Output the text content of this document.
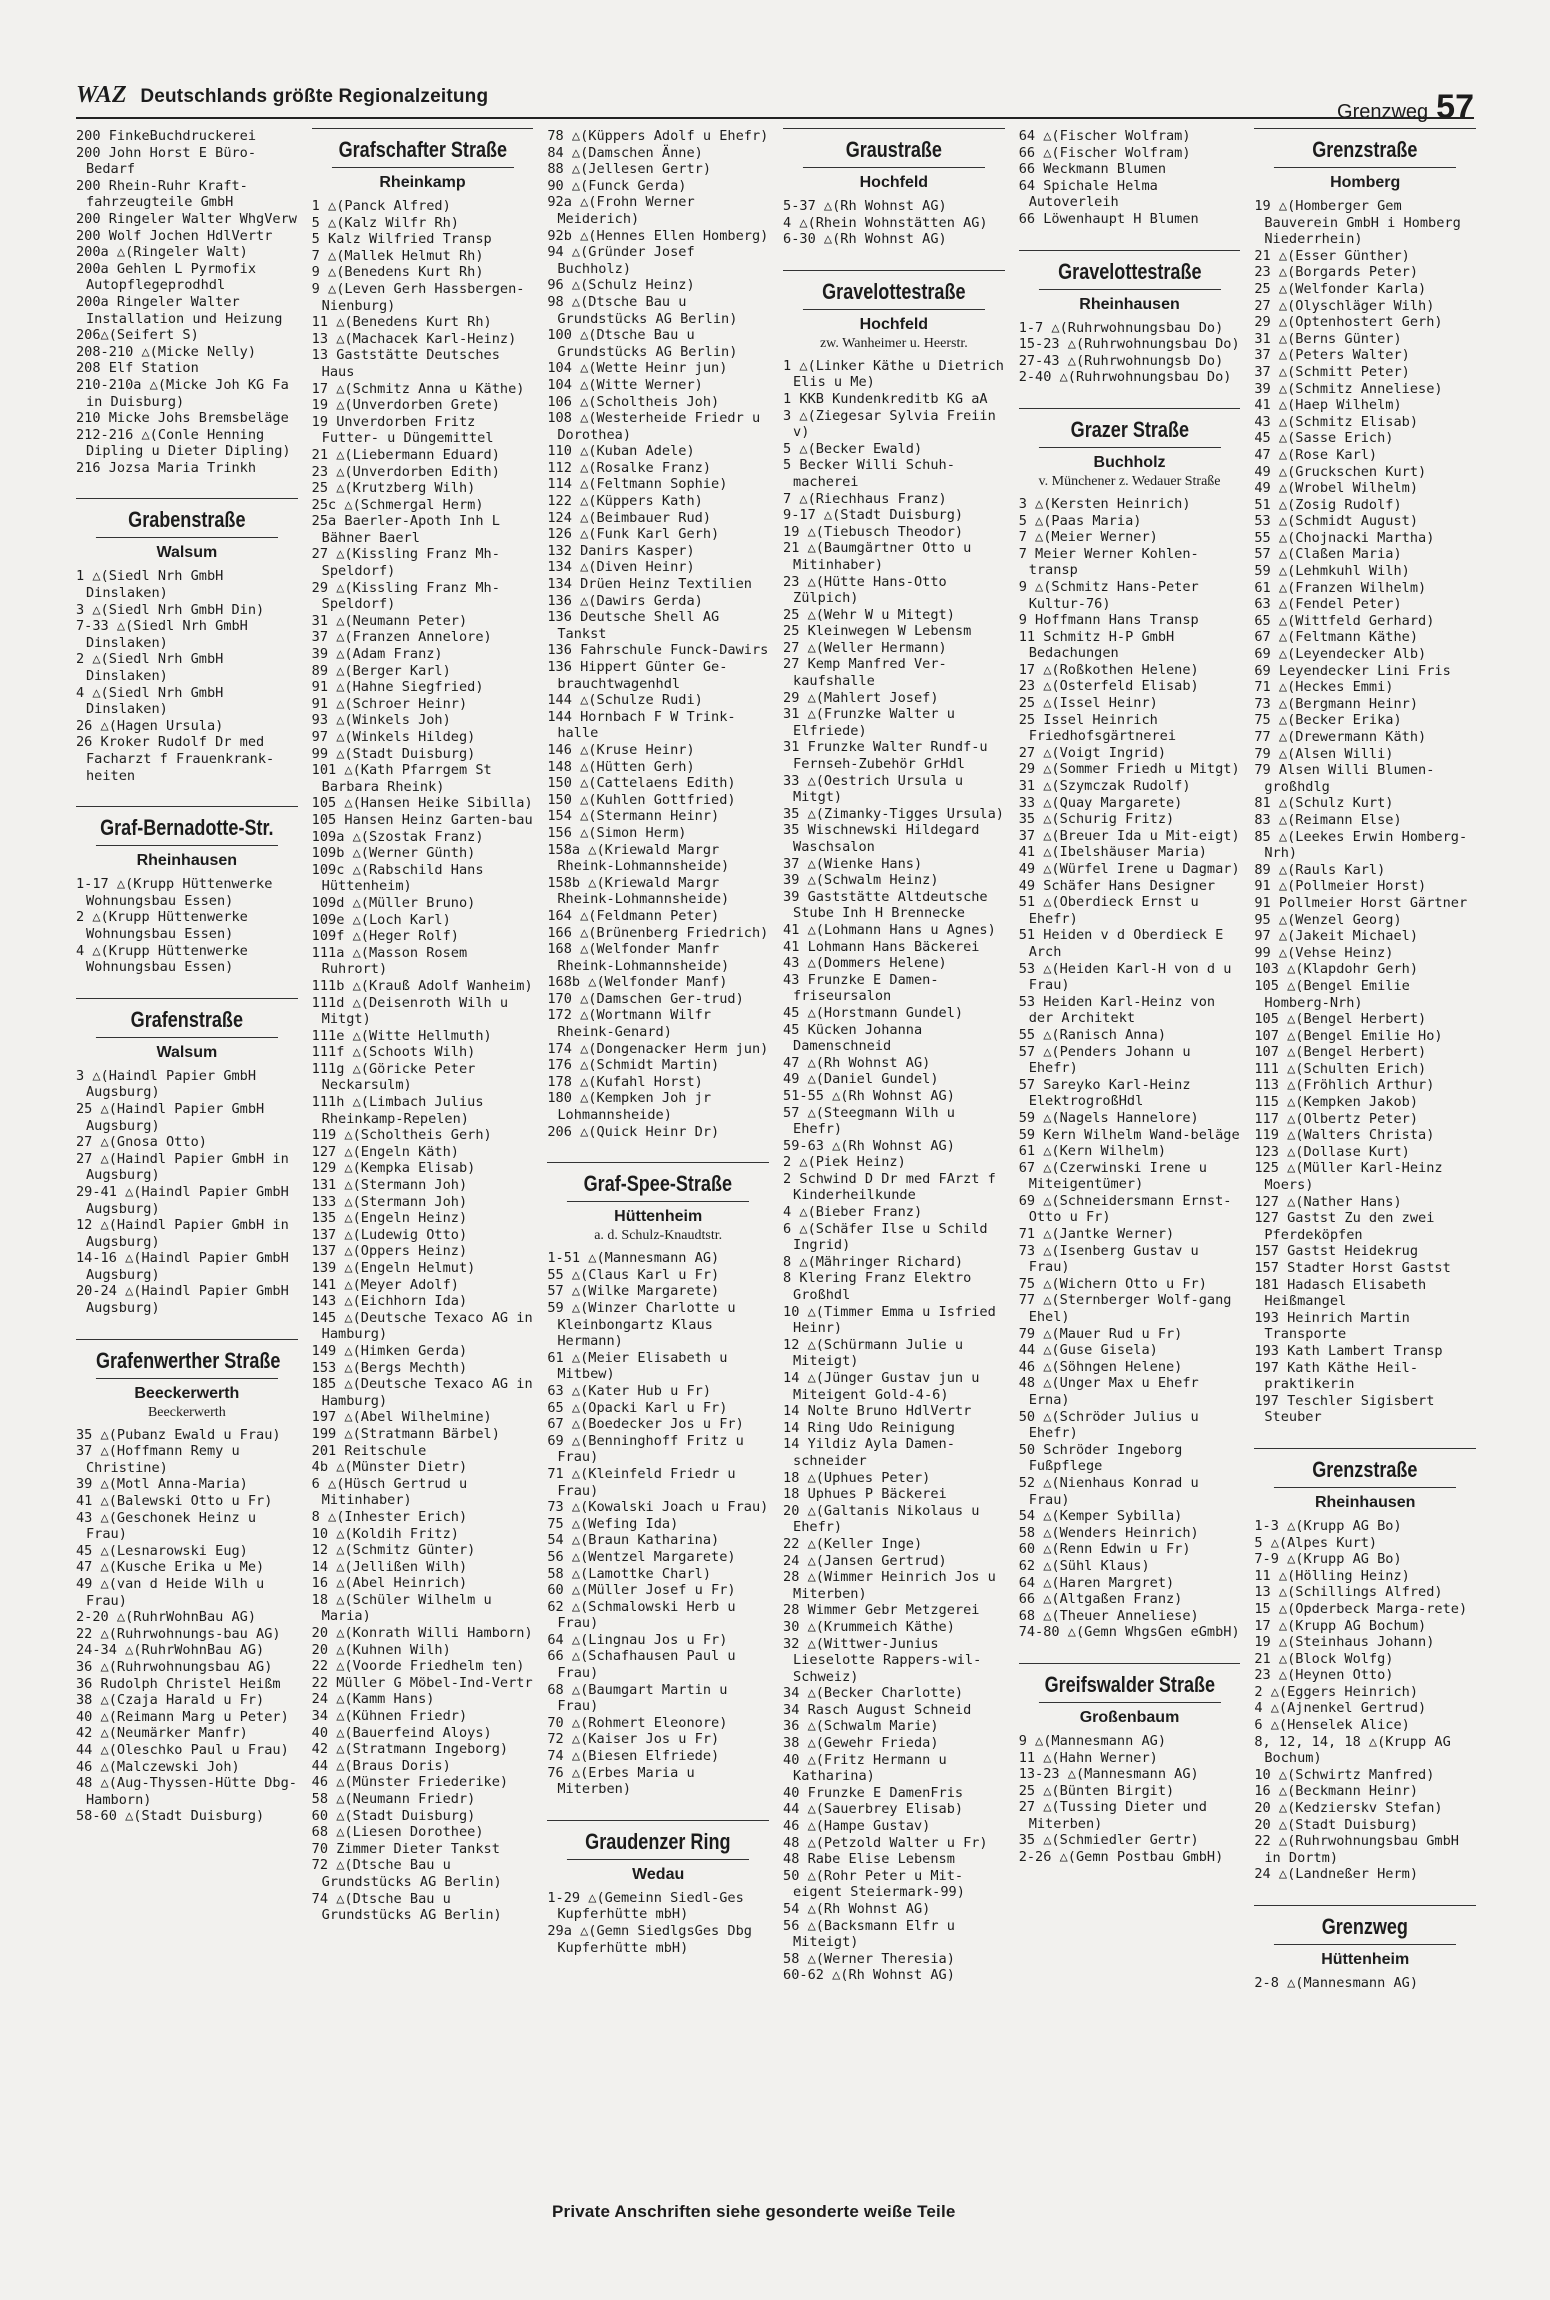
WAZ Deutschlands größte Regionalzeitung
Grenzweg 57
200 FinkeBuchdruckerei
200 John Horst E Büro-Bedarf
200 Rhein-Ruhr Kraft-fahrzeugteile GmbH
200 Ringeler Walter WhgVerw
200 Wolf Jochen HdlVertr
200a △(Ringeler Walt)
200a Gehlen L Pyrmofix Autopflegeprodhdl
200a Ringeler Walter Installation und Heizung
206△(Seifert S)
208-210 △(Micke Nelly)
208 Elf Station
210-210a △(Micke Joh KG Fa in Duisburg)
210 Micke Johs Bremsbeläge
212-216 △(Conle Henning Dipling u Dieter Dipling)
216 Jozsa Maria Trinkh
Grabenstraße
Walsum
1 △(Siedl Nrh GmbH Dinslaken)
3 △(Siedl Nrh GmbH Din)
7-33 △(Siedl Nrh GmbH Dinslaken)
2 △(Siedl Nrh GmbH Dinslaken)
4 △(Siedl Nrh GmbH Dinslaken)
26 △(Hagen Ursula)
26 Kroker Rudolf Dr med Facharzt f Frauenkrank-heiten
Graf-Bernadotte-Str.
Rheinhausen
1-17 △(Krupp Hüttenwerke Wohnungsbau Essen)
2 △(Krupp Hüttenwerke Wohnungsbau Essen)
4 △(Krupp Hüttenwerke Wohnungsbau Essen)
Grafenstraße
Walsum
3 △(Haindl Papier GmbH Augsburg)
25 △(Haindl Papier GmbH Augsburg)
27 △(Gnosa Otto)
27 △(Haindl Papier GmbH in Augsburg)
29-41 △(Haindl Papier GmbH Augsburg)
12 △(Haindl Papier GmbH in Augsburg)
14-16 △(Haindl Papier GmbH Augsburg)
20-24 △(Haindl Papier GmbH Augsburg)
Grafenwerther Straße
Beeckerwerth
Beeckerwerth
35 △(Pubanz Ewald u Frau)
37 △(Hoffmann Remy u Christine)
39 △(Motl Anna-Maria)
41 △(Balewski Otto u Fr)
43 △(Geschonek Heinz u Frau)
45 △(Lesnarowski Eug)
47 △(Kusche Erika u Me)
49 △(van d Heide Wilh u Frau)
2-20 △(RuhrWohnBau AG)
22 △(Ruhrwohnungs-bau AG)
24-34 △(RuhrWohnBau AG)
36 △(Ruhrwohnungsbau AG)
36 Rudolph Christel Heißm
38 △(Czaja Harald u Fr)
40 △(Reimann Marg u Peter)
42 △(Neumärker Manfr)
44 △(Oleschko Paul u Frau)
46 △(Malczewski Joh)
48 △(Aug-Thyssen-Hütte Dbg-Hamborn)
58-60 △(Stadt Duisburg)
Grafschafter Straße
Rheinkamp
1 △(Panck Alfred)
5 △(Kalz Wilfr Rh)
5 Kalz Wilfried Transp
7 △(Mallek Helmut Rh)
9 △(Benedens Kurt Rh)
9 △(Leven Gerh Hassbergen-Nienburg)
11 △(Benedens Kurt Rh)
13 △(Machacek Karl-Heinz)
13 Gaststätte Deutsches Haus
17 △(Schmitz Anna u Käthe)
19 △(Unverdorben Grete)
19 Unverdorben Fritz Futter- u Düngemittel
21 △(Liebermann Eduard)
23 △(Unverdorben Edith)
25 △(Krutzberg Wilh)
25c △(Schmergal Herm)
25a Baerler-Apoth Inh L Bähner Baerl
27 △(Kissling Franz Mh-Speldorf)
29 △(Kissling Franz Mh-Speldorf)
31 △(Neumann Peter)
37 △(Franzen Annelore)
39 △(Adam Franz)
89 △(Berger Karl)
91 △(Hahne Siegfried)
91 △(Schroer Heinr)
93 △(Winkels Joh)
97 △(Winkels Hildeg)
99 △(Stadt Duisburg)
101 △(Kath Pfarrgem St Barbara Rheink)
105 △(Hansen Heike Sibilla)
105 Hansen Heinz Garten-bau
109a △(Szostak Franz)
109b △(Werner Günth)
109c △(Rabschild Hans Hüttenheim)
109d △(Müller Bruno)
109e △(Loch Karl)
109f △(Heger Rolf)
111a △(Masson Rosem Ruhrort)
111b △(Krauß Adolf Wanheim)
111d △(Deisenroth Wilh u Mitgt)
111e △(Witte Hellmuth)
111f △(Schoots Wilh)
111g △(Göricke Peter Neckarsulm)
111h △(Limbach Julius Rheinkamp-Repelen)
119 △(Scholtheis Gerh)
127 △(Engeln Käth)
129 △(Kempka Elisab)
131 △(Stermann Joh)
133 △(Stermann Joh)
135 △(Engeln Heinz)
137 △(Ludewig Otto)
137 △(Oppers Heinz)
139 △(Engeln Helmut)
141 △(Meyer Adolf)
143 △(Eichhorn Ida)
145 △(Deutsche Texaco AG in Hamburg)
149 △(Himken Gerda)
153 △(Bergs Mechth)
185 △(Deutsche Texaco AG in Hamburg)
197 △(Abel Wilhelmine)
199 △(Stratmann Bärbel)
201 Reitschule
4b △(Münster Dietr)
6 △(Hüsch Gertrud u Mitinhaber)
8 △(Inhester Erich)
10 △(Koldih Fritz)
12 △(Schmitz Günter)
14 △(Jellißen Wilh)
16 △(Abel Heinrich)
18 △(Schüler Wilhelm u Maria)
20 △(Konrath Willi Hamborn)
20 △(Kuhnen Wilh)
22 △(Voorde Friedhelm ten)
22 Müller G Möbel-Ind-Vertr
24 △(Kamm Hans)
34 △(Kühnen Friedr)
40 △(Bauerfeind Aloys)
42 △(Stratmann Ingeborg)
44 △(Braus Doris)
46 △(Münster Friederike)
58 △(Neumann Friedr)
60 △(Stadt Duisburg)
68 △(Liesen Dorothee)
70 Zimmer Dieter Tankst
72 △(Dtsche Bau u Grundstücks AG Berlin)
74 △(Dtsche Bau u Grundstücks AG Berlin)
78 △(Küppers Adolf u Ehefr)
84 △(Damschen Änne)
88 △(Jellesen Gertr)
90 △(Funck Gerda)
92a △(Frohn Werner Meiderich)
92b △(Hennes Ellen Homberg)
94 △(Gründer Josef Buchholz)
96 △(Schulz Heinz)
98 △(Dtsche Bau u Grundstücks AG Berlin)
100 △(Dtsche Bau u Grundstücks AG Berlin)
104 △(Wette Heinr jun)
104 △(Witte Werner)
106 △(Scholtheis Joh)
108 △(Westerheide Friedr u Dorothea)
110 △(Kuban Adele)
112 △(Rosalke Franz)
114 △(Feltmann Sophie)
122 △(Küppers Kath)
124 △(Beimbauer Rud)
126 △(Funk Karl Gerh)
132 Danirs Kasper)
134 △(Diven Heinr)
134 Drüen Heinz Textilien
136 △(Dawirs Gerda)
136 Deutsche Shell AG Tankst
136 Fahrschule Funck-Dawirs
136 Hippert Günter Ge-brauchtwagenhdl
144 △(Schulze Rudi)
144 Hornbach F W Trink-halle
146 △(Kruse Heinr)
148 △(Hütten Gerh)
150 △(Cattelaens Edith)
150 △(Kuhlen Gottfried)
154 △(Stermann Heinr)
156 △(Simon Herm)
158a △(Kriewald Margr Rheink-Lohmannsheide)
158b △(Kriewald Margr Rheink-Lohmannsheide)
164 △(Feldmann Peter)
166 △(Brünenberg Friedrich)
168 △(Welfonder Manfr Rheink-Lohmannsheide)
168b △(Welfonder Manf)
170 △(Damschen Ger-trud)
172 △(Wortmann Wilfr Rheink-Genard)
174 △(Dongenacker Herm jun)
176 △(Schmidt Martin)
178 △(Kufahl Horst)
180 △(Kempken Joh jr Lohmannsheide)
206 △(Quick Heinr Dr)
Graf-Spee-Straße
Hüttenheim
a. d. Schulz-Knaudtstr.
1-51 △(Mannesmann AG)
55 △(Claus Karl u Fr)
57 △(Wilke Margarete)
59 △(Winzer Charlotte u Kleinbongartz Klaus Hermann)
61 △(Meier Elisabeth u Mitbew)
63 △(Kater Hub u Fr)
65 △(Opacki Karl u Fr)
67 △(Boedecker Jos u Fr)
69 △(Benninghoff Fritz u Frau)
71 △(Kleinfeld Friedr u Frau)
73 △(Kowalski Joach u Frau)
75 △(Wefing Ida)
54 △(Braun Katharina)
56 △(Wentzel Margarete)
58 △(Lamottke Charl)
60 △(Müller Josef u Fr)
62 △(Schmalowski Herb u Frau)
64 △(Lingnau Jos u Fr)
66 △(Schafhausen Paul u Frau)
68 △(Baumgart Martin u Frau)
70 △(Rohmert Eleonore)
72 △(Kaiser Jos u Fr)
74 △(Biesen Elfriede)
76 △(Erbes Maria u Miterben)
Graudenzer Ring
Wedau
1-29 △(Gemeinn Siedl-Ges Kupferhütte mbH)
29a △(Gemn SiedlgsGes Dbg Kupferhütte mbH)
Graustraße
Hochfeld
5-37 △(Rh Wohnst AG)
4 △(Rhein Wohnstätten AG)
6-30 △(Rh Wohnst AG)
Gravelottestraße
Hochfeld
zw. Wanheimer u. Heerstr.
1 △(Linker Käthe u Dietrich Elis u Me)
1 KKB Kundenkreditb KG aA
3 △(Ziegesar Sylvia Freiin v)
5 △(Becker Ewald)
5 Becker Willi Schuh-macherei
7 △(Riechhaus Franz)
9-17 △(Stadt Duisburg)
19 △(Tiebusch Theodor)
21 △(Baumgärtner Otto u Mitinhaber)
23 △(Hütte Hans-Otto Zülpich)
25 △(Wehr W u Mitegt)
25 Kleinwegen W Lebensm
27 △(Weller Hermann)
27 Kemp Manfred Ver-kaufshalle
29 △(Mahlert Josef)
31 △(Frunzke Walter u Elfriede)
31 Frunzke Walter Rundf-u Fernseh-Zubehör GrHdl
33 △(Oestrich Ursula u Mitgt)
35 △(Zimanky-Tigges Ursula)
35 Wischnewski Hildegard Waschsalon
37 △(Wienke Hans)
39 △(Schwalm Heinz)
39 Gaststätte Altdeutsche Stube Inh H Brennecke
41 △(Lohmann Hans u Agnes)
41 Lohmann Hans Bäckerei
43 △(Dommers Helene)
43 Frunzke E Damen-friseursalon
45 △(Horstmann Gundel)
45 Kücken Johanna Damenschneid
47 △(Rh Wohnst AG)
49 △(Daniel Gundel)
51-55 △(Rh Wohnst AG)
57 △(Steegmann Wilh u Ehefr)
59-63 △(Rh Wohnst AG)
2 △(Piek Heinz)
2 Schwind D Dr med FArzt f Kinderheilkunde
4 △(Bieber Franz)
6 △(Schäfer Ilse u Schild Ingrid)
8 △(Mähringer Richard)
8 Klering Franz Elektro Großhdl
10 △(Timmer Emma u Isfried Heinr)
12 △(Schürmann Julie u Miteigt)
14 △(Jünger Gustav jun u Miteigent Gold-4-6)
14 Nolte Bruno HdlVertr
14 Ring Udo Reinigung
14 Yildiz Ayla Damen-schneider
18 △(Uphues Peter)
18 Uphues P Bäckerei
20 △(Galtanis Nikolaus u Ehefr)
22 △(Keller Inge)
24 △(Jansen Gertrud)
28 △(Wimmer Heinrich Jos u Miterben)
28 Wimmer Gebr Metzgerei
30 △(Krummeich Käthe)
32 △(Wittwer-Junius Lieselotte Rappers-wil-Schweiz)
34 △(Becker Charlotte)
34 Rasch August Schneid
36 △(Schwalm Marie)
38 △(Gewehr Frieda)
40 △(Fritz Hermann u Katharina)
40 Frunzke E DamenFris
44 △(Sauerbrey Elisab)
46 △(Hampe Gustav)
48 △(Petzold Walter u Fr)
48 Rabe Elise Lebensm
50 △(Rohr Peter u Mit-eigent Steiermark-99)
54 △(Rh Wohnst AG)
56 △(Backsmann Elfr u Miteigt)
58 △(Werner Theresia)
60-62 △(Rh Wohnst AG)
64 △(Fischer Wolfram)
66 △(Fischer Wolfram)
66 Weckmann Blumen
64 Spichale Helma Autoverleih
66 Löwenhaupt H Blumen
Gravelottestraße
Rheinhausen
1-7 △(Ruhrwohnungsbau Do)
15-23 △(Ruhrwohnungsbau Do)
27-43 △(Ruhrwohnungsb Do)
2-40 △(Ruhrwohnungsbau Do)
Grazer Straße
Buchholz
v. Münchener z. Wedauer Straße
3 △(Kersten Heinrich)
5 △(Paas Maria)
7 △(Meier Werner)
7 Meier Werner Kohlen-transp
9 △(Schmitz Hans-Peter Kultur-76)
9 Hoffmann Hans Transp
11 Schmitz H-P GmbH Bedachungen
17 △(Roßkothen Helene)
23 △(Osterfeld Elisab)
25 △(Issel Heinr)
25 Issel Heinrich Friedhofsgärtnerei
27 △(Voigt Ingrid)
29 △(Sommer Friedh u Mitgt)
31 △(Szymczak Rudolf)
33 △(Quay Margarete)
35 △(Schurig Fritz)
37 △(Breuer Ida u Mit-eigt)
41 △(Ibelshäuser Maria)
49 △(Würfel Irene u Dagmar)
49 Schäfer Hans Designer
51 △(Oberdieck Ernst u Ehefr)
51 Heiden v d Oberdieck E Arch
53 △(Heiden Karl-H von d u Frau)
53 Heiden Karl-Heinz von der Architekt
55 △(Ranisch Anna)
57 △(Penders Johann u Ehefr)
57 Sareyko Karl-Heinz ElektrogroßHdl
59 △(Nagels Hannelore)
59 Kern Wilhelm Wand-beläge
61 △(Kern Wilhelm)
67 △(Czerwinski Irene u Miteigentümer)
69 △(Schneidersmann Ernst-Otto u Fr)
71 △(Jantke Werner)
73 △(Isenberg Gustav u Frau)
75 △(Wichern Otto u Fr)
77 △(Sternberger Wolf-gang Ehel)
79 △(Mauer Rud u Fr)
44 △(Guse Gisela)
46 △(Söhngen Helene)
48 △(Unger Max u Ehefr Erna)
50 △(Schröder Julius u Ehefr)
50 Schröder Ingeborg Fußpflege
52 △(Nienhaus Konrad u Frau)
54 △(Kemper Sybilla)
58 △(Wenders Heinrich)
60 △(Renn Edwin u Fr)
62 △(Sühl Klaus)
64 △(Haren Margret)
66 △(Altgaßen Franz)
68 △(Theuer Anneliese)
74-80 △(Gemn WhgsGen eGmbH)
Greifswalder Straße
Großenbaum
9 △(Mannesmann AG)
11 △(Hahn Werner)
13-23 △(Mannesmann AG)
25 △(Bünten Birgit)
27 △(Tussing Dieter und Miterben)
35 △(Schmiedler Gertr)
2-26 △(Gemn Postbau GmbH)
Grenzstraße
Homberg
19 △(Homberger Gem Bauverein GmbH i Homberg Niederrhein)
21 △(Esser Günther)
23 △(Borgards Peter)
25 △(Welfonder Karla)
27 △(Olyschläger Wilh)
29 △(Optenhostert Gerh)
31 △(Berns Günter)
37 △(Peters Walter)
37 △(Schmitt Peter)
39 △(Schmitz Anneliese)
41 △(Haep Wilhelm)
43 △(Schmitz Elisab)
45 △(Sasse Erich)
47 △(Rose Karl)
49 △(Gruckschen Kurt)
49 △(Wrobel Wilhelm)
51 △(Zosig Rudolf)
53 △(Schmidt August)
55 △(Chojnacki Martha)
57 △(Claßen Maria)
59 △(Lehmkuhl Wilh)
61 △(Franzen Wilhelm)
63 △(Fendel Peter)
65 △(Wittfeld Gerhard)
67 △(Feltmann Käthe)
69 △(Leyendecker Alb)
69 Leyendecker Lini Fris
71 △(Heckes Emmi)
73 △(Bergmann Heinr)
75 △(Becker Erika)
77 △(Drewermann Käth)
79 △(Alsen Willi)
79 Alsen Willi Blumen-großhdlg
81 △(Schulz Kurt)
83 △(Reimann Else)
85 △(Leekes Erwin Homberg-Nrh)
89 △(Rauls Karl)
91 △(Pollmeier Horst)
91 Pollmeier Horst Gärtner
95 △(Wenzel Georg)
97 △(Jakeit Michael)
99 △(Vehse Heinz)
103 △(Klapdohr Gerh)
105 △(Bengel Emilie Homberg-Nrh)
105 △(Bengel Herbert)
107 △(Bengel Emilie Ho)
107 △(Bengel Herbert)
111 △(Schulten Erich)
113 △(Fröhlich Arthur)
115 △(Kempken Jakob)
117 △(Olbertz Peter)
119 △(Walters Christa)
123 △(Dollase Kurt)
125 △(Müller Karl-Heinz Moers)
127 △(Nather Hans)
127 Gastst Zu den zwei Pferdeköpfen
157 Gastst Heidekrug
157 Stadter Horst Gastst
181 Hadasch Elisabeth Heißmangel
193 Heinrich Martin Transporte
193 Kath Lambert Transp
197 Kath Käthe Heil-praktikerin
197 Teschler Sigisbert Steuber
Grenzstraße
Rheinhausen
1-3 △(Krupp AG Bo)
5 △(Alpes Kurt)
7-9 △(Krupp AG Bo)
11 △(Hölling Heinz)
13 △(Schillings Alfred)
15 △(Opderbeck Marga-rete)
17 △(Krupp AG Bochum)
19 △(Steinhaus Johann)
21 △(Block Wolfg)
23 △(Heynen Otto)
2 △(Eggers Heinrich)
4 △(Ajnenkel Gertrud)
6 △(Henselek Alice)
8, 12, 14, 18 △(Krupp AG Bochum)
10 △(Schwirtz Manfred)
16 △(Beckmann Heinr)
20 △(Kedzierskv Stefan)
20 △(Stadt Duisburg)
22 △(Ruhrwohnungsbau GmbH in Dortm)
24 △(Landneßer Herm)
Grenzweg
Hüttenheim
2-8 △(Mannesmann AG)
Private Anschriften siehe gesonderte weiße Teile
